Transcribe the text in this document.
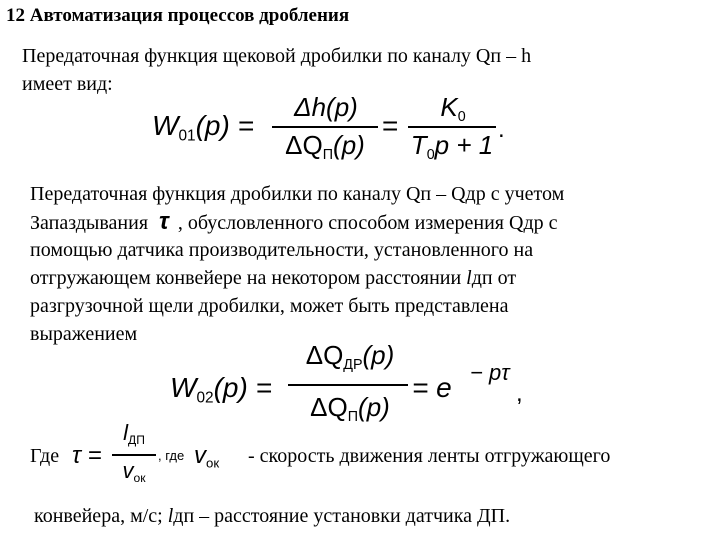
12 Автоматизация процессов дробления
Передаточная функция щековой дробилки по каналу Qп – h
имеет вид:
$W_{01}(p)$ =
Δh(p)
$\Delta Q_П(p)$
=
$K_0$
$T_0p + 1$
.
Передаточная функция дробилки по каналу Qп – Qдр с учетом
Запаздывания τ , обусловленного способом измерения Qдр с
помощью датчика производительности, установленного на
отгружающем конвейере на некотором расстоянии lдп от
разгрузочной щели дробилки, может быть представлена
выражением
$W_{02}(p)$ =
$\Delta Q_{ДР}(p)$
$\Delta Q_П(p)$
= e − pτ
,
Где τ =
$l_{ДП}$
$v_{ок}$
, где $v_{ок}$ - скорость движения ленты отгружающего
конвейера, м/с; lдп – расстояние установки датчика ДП.
